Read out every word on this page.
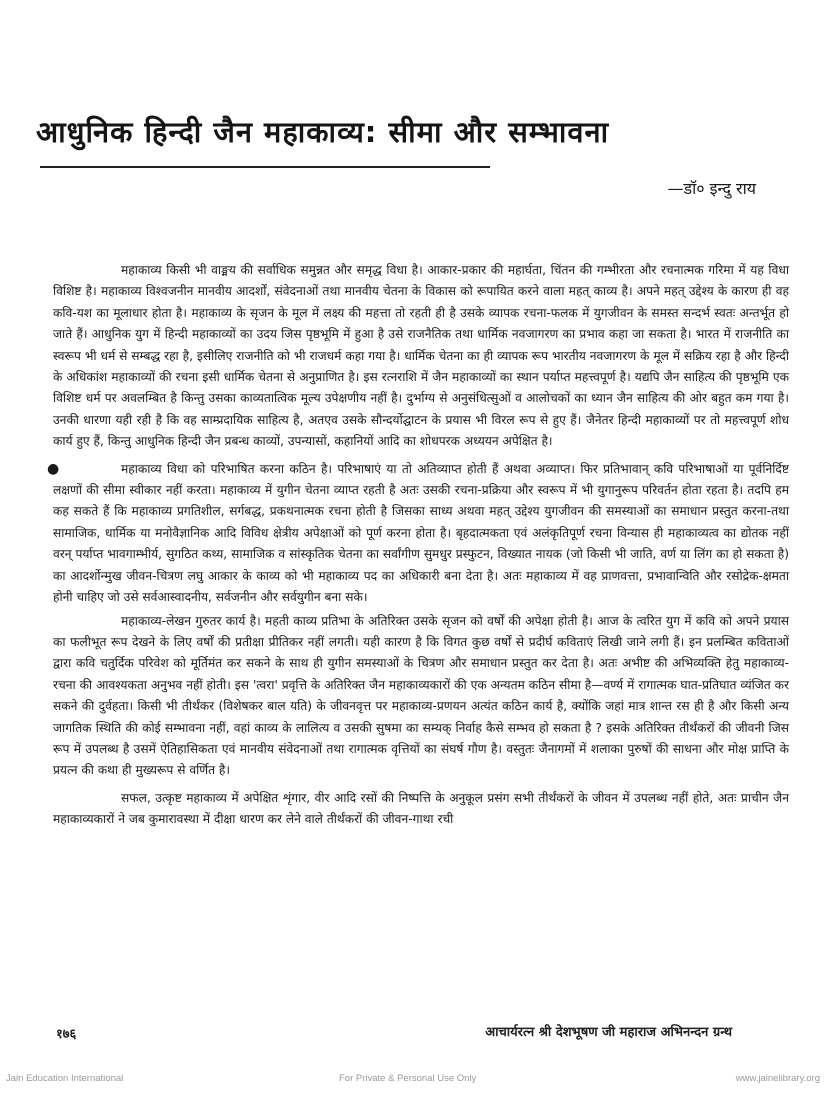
आधुनिक हिन्दी जैन महाकाव्य: सीमा और सम्भावना
—डॉ० इन्दु राय

महाकाव्य किसी भी वाङ्मय की सर्वाधिक समुन्नत और समृद्ध विधा है। आकार-प्रकार की महार्घता, चिंतन की गम्भीरता और रचनात्मक गरिमा में यह विधा विशिष्ट है। महाकाव्य विश्वजनीन मानवीय आदर्शों, संवेदनाओं तथा मानवीय चेतना के विकास को रूपायित करने वाला महत् काव्य है। अपने महत् उद्देश्य के कारण ही वह कवि-यश का मूलाधार होता है। महाकाव्य के सृजन के मूल में लक्ष्य की महत्ता तो रहती ही है उसके व्यापक रचना-फलक में युगजीवन के समस्त सन्दर्भ स्वतः अन्तर्भूत हो जाते हैं। आधुनिक युग में हिन्दी महाकाव्यों का उदय जिस पृष्ठभूमि में हुआ है उसे राजनैतिक तथा धार्मिक नवजागरण का प्रभाव कहा जा सकता है। भारत में राजनीति का स्वरूप भी धर्म से सम्बद्ध रहा है, इसीलिए राजनीति को भी राजधर्म कहा गया है। धार्मिक चेतना का ही व्यापक रूप भारतीय नवजागरण के मूल में सक्रिय रहा है और हिन्दी के अधिकांश महाकाव्यों की रचना इसी धार्मिक चेतना से अनुप्राणित है। इस रत्नराशि में जैन महाकाव्यों का स्थान पर्याप्त महत्त्वपूर्ण है। यद्यपि जैन साहित्य की पृष्ठभूमि एक विशिष्ट धर्म पर अवलम्बित है किन्तु उसका काव्यतात्विक मूल्य उपेक्षणीय नहीं है। दुर्भाग्य से अनुसंधित्सुओं व आलोचकों का ध्यान जैन साहित्य की ओर बहुत कम गया है। उनकी धारणा यही रही है कि वह साम्प्रदायिक साहित्य है, अतएव उसके सौन्दर्योद्घाटन के प्रयास भी विरल रूप से हुए हैं। जैनेतर हिन्दी महाकाव्यों पर तो महत्त्वपूर्ण शोध कार्य हुए हैं, किन्तु आधुनिक हिन्दी जैन प्रबन्ध काव्यों, उपन्यासों, कहानियों आदि का शोधपरक अध्ययन अपेक्षित है।

●	महाकाव्य विधा को परिभाषित करना कठिन है। परिभाषाएं या तो अतिव्याप्त होती हैं अथवा अव्याप्त। फिर प्रतिभावान् कवि परिभाषाओं या पूर्वनिर्दिष्ट लक्षणों की सीमा स्वीकार नहीं करता। महाकाव्य में युगीन चेतना व्याप्त रहती है अतः उसकी रचना-प्रक्रिया और स्वरूप में भी युगानुरूप परिवर्तन होता रहता है। तदपि हम कह सकते हैं कि महाकाव्य प्रगतिशील, सर्गबद्ध, प्रकथनात्मक रचना होती है जिसका साध्य अथवा महत् उद्देश्य युगजीवन की समस्याओं का समाधान प्रस्तुत करना-तथा सामाजिक, धार्मिक या मनोवैज्ञानिक आदि विविध क्षेत्रीय अपेक्षाओं को पूर्ण करना होता है। बृहदात्मकता एवं अलंकृतिपूर्ण रचना विन्यास ही महाकाव्यत्व का द्योतक नहीं वरन् पर्याप्त भावगाम्भीर्य, सुगठित कथ्य, सामाजिक व सांस्कृतिक चेतना का सर्वांगीण सुमधुर प्रस्फुटन, विख्यात नायक (जो किसी भी जाति, वर्ण या लिंग का हो सकता है) का आदर्शोन्मुख जीवन-चित्रण लघु आकार के काव्य को भी महाकाव्य पद का अधिकारी बना देता है। अतः महाकाव्य में वह प्राणवत्ता, प्रभावान्विति और रसोद्रेक-क्षमता होनी चाहिए जो उसे सर्वआस्वादनीय, सर्वजनीन और सर्वयुगीन बना सके।

महाकाव्य-लेखन गुरुतर कार्य है। महती काव्य प्रतिभा के अतिरिक्त उसके सृजन को वर्षों की अपेक्षा होती है। आज के त्वरित युग में कवि को अपने प्रयास का फलीभूत रूप देखने के लिए वर्षों की प्रतीक्षा प्रीतिकर नहीं लगती। यही कारण है कि विगत कुछ वर्षों से प्रदीर्घ कविताएं लिखी जाने लगी हैं। इन प्रलम्बित कविताओं द्वारा कवि चतुर्दिक परिवेश को मूर्तिमंत कर सकने के साथ ही युगीन समस्याओं के चित्रण और समाधान प्रस्तुत कर देता है। अतः अभीष्ट की अभिव्यक्ति हेतु महाकाव्य-रचना की आवश्यकता अनुभव नहीं होती। इस 'त्वरा' प्रवृत्ति के अतिरिक्त जैन महाकाव्यकारों की एक अन्यतम कठिन सीमा है—वर्ण्य में रागात्मक घात-प्रतिघात व्यंजित कर सकने की दुर्वहता। किसी भी तीर्थंकर (विशेषकर बाल यति) के जीवनवृत्त पर महाकाव्य-प्रणयन अत्यंत कठिन कार्य है, क्योंकि जहां मात्र शान्त रस ही है और किसी अन्य जागतिक स्थिति की कोई सम्भावना नहीं, वहां काव्य के लालित्य व उसकी सुषमा का सम्यक् निर्वाह कैसे सम्भव हो सकता है ? इसके अतिरिक्त तीर्थंकरों की जीवनी जिस रूप में उपलब्ध है उसमें ऐतिहासिकता एवं मानवीय संवेदनाओं तथा रागात्मक वृत्तियों का संघर्ष गौण है। वस्तुतः जैनागमों में शलाका पुरुषों की साधना और मोक्ष प्राप्ति के प्रयत्न की कथा ही मुख्यरूप से वर्णित है।

सफल, उत्कृष्ट महाकाव्य में अपेक्षित शृंगार, वीर आदि रसों की निष्पत्ति के अनुकूल प्रसंग सभी तीर्थंकरों के जीवन में उपलब्ध नहीं होते, अतः प्राचीन जैन महाकाव्यकारों ने जब कुमारावस्था में दीक्षा धारण कर लेने वाले तीर्थंकरों की जीवन-गाथा रची

१७६	आचार्यरत्न श्री देशभूषण जी महाराज अभिनन्दन ग्रन्थ
Jain Education International	For Private & Personal Use Only	www.jainelibrary.org
